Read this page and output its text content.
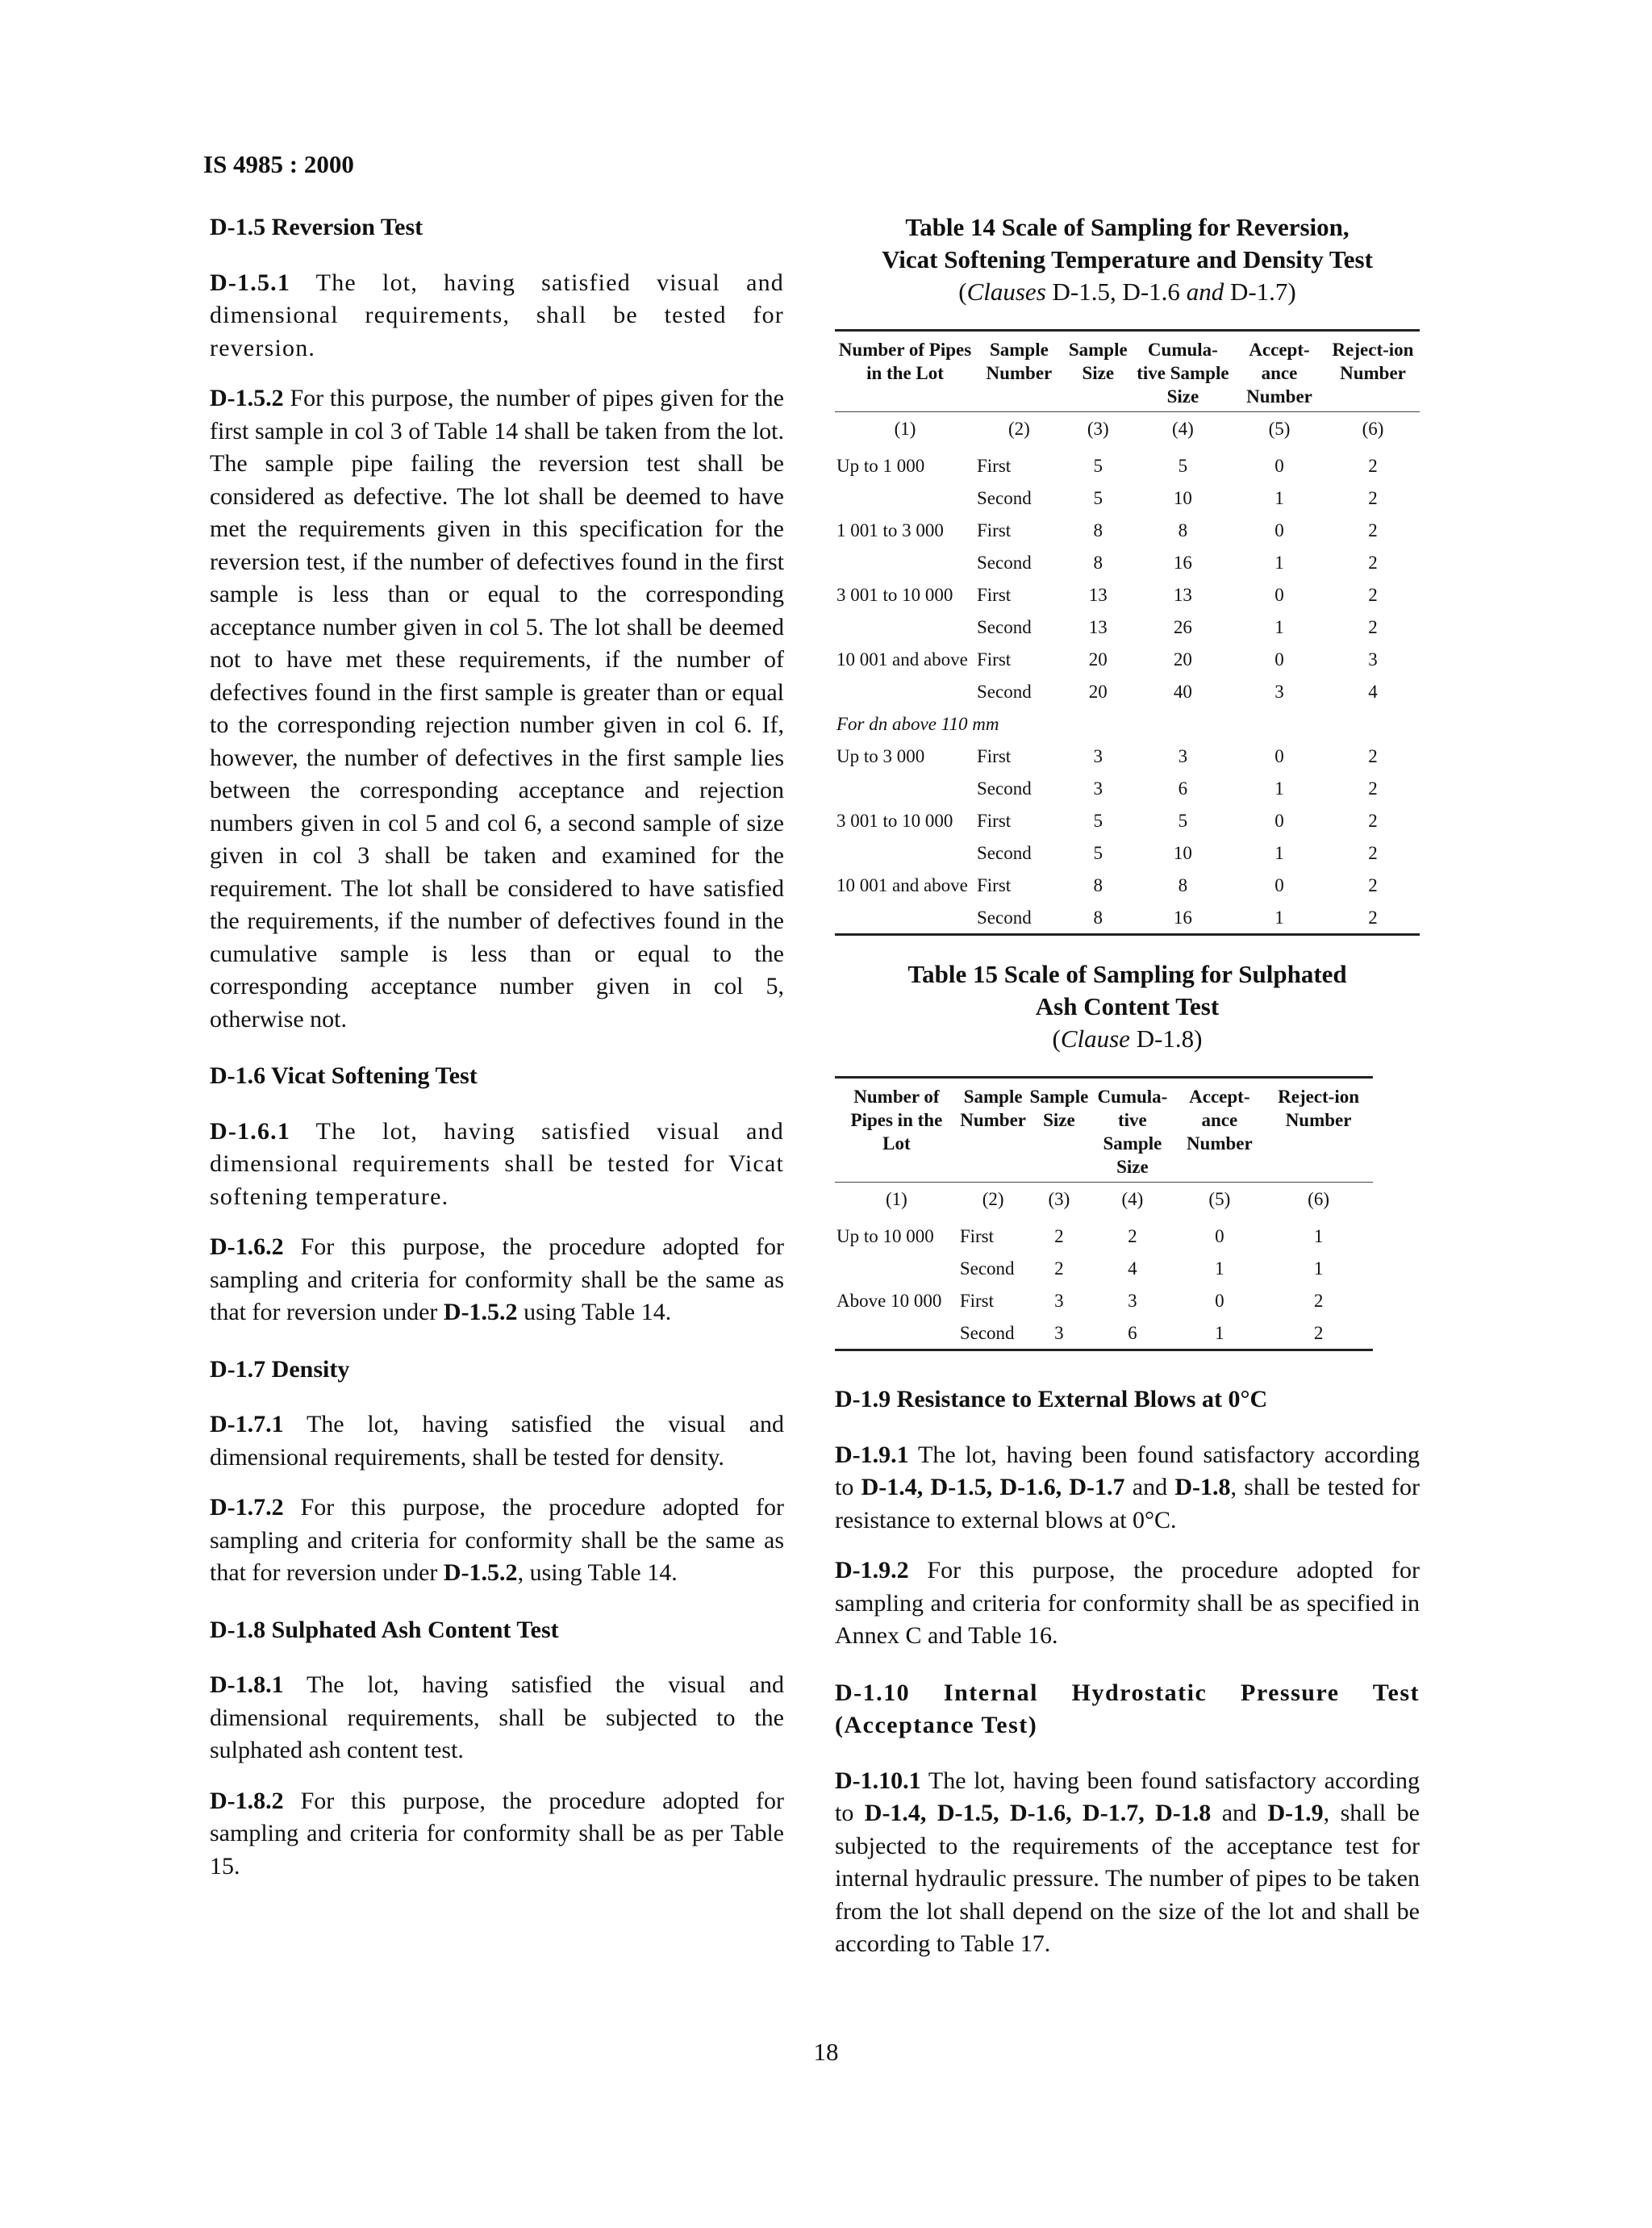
IS 4985 : 2000
D-1.5 Reversion Test

D-1.5.1 The lot, having satisfied visual and dimensional requirements, shall be tested for reversion.

D-1.5.2 For this purpose, the number of pipes given for the first sample in col 3 of Table 14 shall be taken from the lot. The sample pipe failing the reversion test shall be considered as defective. The lot shall be deemed to have met the requirements given in this specification for the reversion test, if the number of defectives found in the first sample is less than or equal to the corresponding acceptance number given in col 5. The lot shall be deemed not to have met these requirements, if the number of defectives found in the first sample is greater than or equal to the corresponding rejection number given in col 6. If, however, the number of defectives in the first sample lies between the corresponding acceptance and rejection numbers given in col 5 and col 6, a second sample of size given in col 3 shall be taken and examined for the requirement. The lot shall be considered to have satisfied the requirements, if the number of defectives found in the cumulative sample is less than or equal to the corresponding acceptance number given in col 5, otherwise not.

D-1.6 Vicat Softening Test

D-1.6.1 The lot, having satisfied visual and dimensional requirements shall be tested for Vicat softening temperature.

D-1.6.2 For this purpose, the procedure adopted for sampling and criteria for conformity shall be the same as that for reversion under D-1.5.2 using Table 14.

D-1.7 Density

D-1.7.1 The lot, having satisfied the visual and dimensional requirements, shall be tested for density.

D-1.7.2 For this purpose, the procedure adopted for sampling and criteria for conformity shall be the same as that for reversion under D-1.5.2, using Table 14.

D-1.8 Sulphated Ash Content Test

D-1.8.1 The lot, having satisfied the visual and dimensional requirements, shall be subjected to the sulphated ash content test.

D-1.8.2 For this purpose, the procedure adopted for sampling and criteria for conformity shall be as per Table 15.

Table 14 Scale of Sampling for Reversion,
Vicat Softening Temperature and Density Test
(Clauses D-1.5, D-1.6 and D-1.7)
Number of Pipes in the Lot	Sample Number	Sample Size	Cumula-tive Sample Size	Accept-ance Number	Reject-ion Number
(1)	(2)	(3)	(4)	(5)	(6)
Up to 1 000	First	5	5	0	2
	Second	5	10	1	2
1 001 to 3 000	First	8	8	0	2
	Second	8	16	1	2
3 001 to 10 000	First	13	13	0	2
	Second	13	26	1	2
10 001 and above	First	20	20	0	3
	Second	20	40	3	4
For dn above 110 mm					
Up to 3 000	First	3	3	0	2
	Second	3	6	1	2
3 001 to 10 000	First	5	5	0	2
	Second	5	10	1	2
10 001 and above	First	8	8	0	2
	Second	8	16	1	2
Table 15 Scale of Sampling for Sulphated
Ash Content Test
(Clause D-1.8)
Number of Pipes in the Lot	Sample Number	Sample Size	Cumula-tive Sample Size	Accept-ance Number	Reject-ion Number
(1)	(2)	(3)	(4)	(5)	(6)
Up to 10 000	First	2	2	0	1
	Second	2	4	1	1
Above 10 000	First	3	3	0	2
	Second	3	6	1	2
D-1.9 Resistance to External Blows at 0°C

D-1.9.1 The lot, having been found satisfactory according to D-1.4, D-1.5, D-1.6, D-1.7 and D-1.8, shall be tested for resistance to external blows at 0°C.

D-1.9.2 For this purpose, the procedure adopted for sampling and criteria for conformity shall be as specified in Annex C and Table 16.

D-1.10 Internal Hydrostatic Pressure Test (Acceptance Test)

D-1.10.1 The lot, having been found satisfactory according to D-1.4, D-1.5, D-1.6, D-1.7, D-1.8 and D-1.9, shall be subjected to the requirements of the acceptance test for internal hydraulic pressure. The number of pipes to be taken from the lot shall depend on the size of the lot and shall be according to Table 17.

18
